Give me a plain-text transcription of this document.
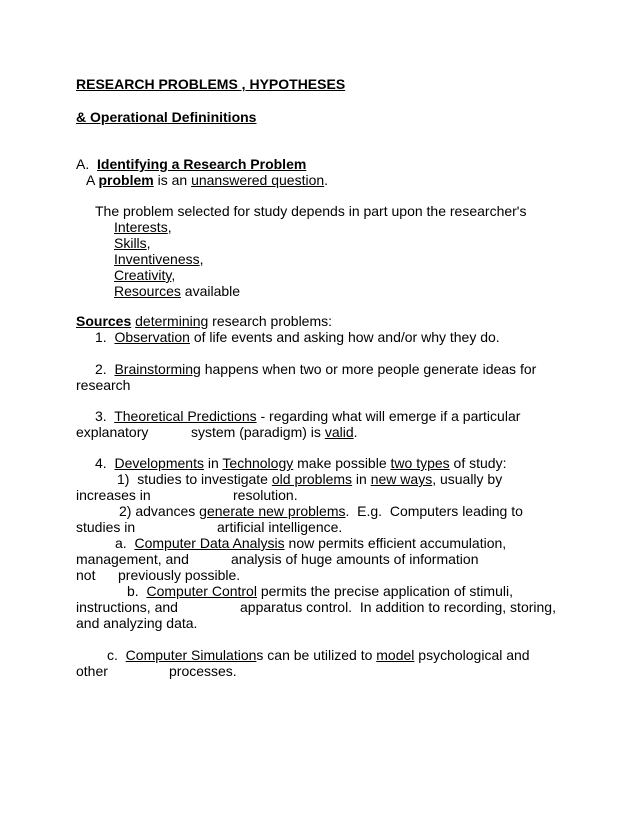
RESEARCH PROBLEMS , HYPOTHESES
& Operational Defininitions
A.  Identifying a Research Problem
A problem is an unanswered question.
The problem selected for study depends in part upon the researcher's
Interests,
Skills,
Inventiveness,
Creativity,
Resources available
Sources determining research problems:
1.  Observation of life events and asking how and/or why they do.
2.  Brainstorming happens when two or more people generate ideas for
research
3.  Theoretical Predictions - regarding what will emerge if a particular
explanatory	system (paradigm) is valid.
4.  Developments in Technology make possible two types of study:
1)  studies to investigate old problems in new ways, usually by
increases in	resolution.
2) advances generate new problems.  E.g.  Computers leading to
studies in	artificial intelligence.
a.  Computer Data Analysis now permits efficient accumulation,
management, and	analysis of huge amounts of information
not previously possible.
b.  Computer Control permits the precise application of stimuli,
instructions, and	apparatus control.  In addition to recording, storing,
and analyzing data.
c.  Computer Simulations can be utilized to model psychological and
other	processes.
